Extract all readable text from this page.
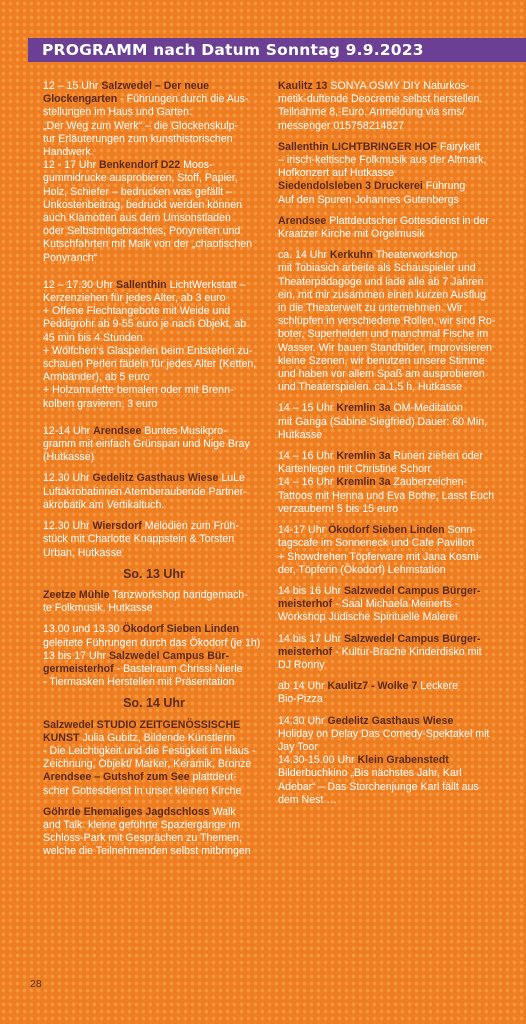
PROGRAMM nach Datum Sonntag 9.9.2023
12 – 15 Uhr Salzwedel – Der neue
Glockengarten - Führungen durch die Aus-
stellungen im Haus und Garten:
„Der Weg zum Werk“ – die Glockenskulp-
tur Erläuterungen zum kunsthistorischen
Handwerk.
12 - 17 Uhr Benkendorf D22 Moos-
gummidrucke ausprobieren, Stoff, Papier,
Holz, Schiefer – bedrucken was gefällt –
Unkostenbeitrag, bedruckt werden können
auch Klamotten aus dem Umsonstladen
oder Selbstmitgebrachtes, Ponyreiten und
Kutschfahrten mit Maik von der „chaotischen
Ponyranch“
12 – 17.30 Uhr Sallenthin LichtWerkstatt –
Kerzenziehen für jedes Alter, ab 3 euro
+ Offene Flechtangebote mit Weide und
Peddigrohr ab 9-55 euro je nach Objekt, ab
45 min bis 4 Stunden
+ Wölfchen‘s Glasperlen beim Entstehen zu-
schauen Perlen fädeln für jedes Alter (Ketten,
Armbänder), ab 5 euro
+ Holzamulette bemalen oder mit Brenn-
kolben gravieren, 3 euro
12-14 Uhr Arendsee Buntes Musikpro-
gramm mit einfach Grünspan und Nige Bray
(Hutkasse)
12.30 Uhr Gedelitz Gasthaus Wiese LuLe
Luftakrobatinnen Atemberaubende Partner-
akrobatik am Vertikaltuch.
12.30 Uhr Wiersdorf Melodien zum Früh-
stück mit Charlotte Knappstein & Torsten
Urban, Hutkasse
So. 13 Uhr
Zeetze Mühle Tanzworkshop handgemach-
te Folkmusik, Hutkasse
13.00 und 13.30 Ökodorf Sieben Linden
geleitete Führungen durch das Ökodorf (je 1h)
13 bis 17 Uhr Salzwedel Campus Bür-
germeisterhof - Bastelraum Chrissi Nierle
- Tiermasken Herstellen mit Präsentation
So. 14 Uhr
Salzwedel STUDIO ZEITGENÖSSISCHE
KUNST Julia Gubitz, Bildende Künstlerin
- Die Leichtigkeit und die Festigkeit im Haus -
Zeichnung, Objekt/ Marker, Keramik, Bronze
Arendsee – Gutshof zum See plattdeut-
scher Gottesdienst in unser kleinen Kirche
Göhrde Ehemaliges Jagdschloss Walk
and Talk: kleine geführte Spaziergänge im
Schloss-Park mit Gesprächen zu Themen,
welche die Teilnehmenden selbst mitbringen
Kaulitz 13 SONYA OSMY DIY Naturkos-
metik-duftende Deocreme selbst herstellen.
Teilnahme 8,-Euro. Anmeldung via sms/
messenger 015758214827
Sallenthin LICHTBRINGER HOF Fairykelt
– irisch-keltische Folkmusik aus der Altmark,
Hofkonzert auf Hutkasse
Siedendolsleben 3 Druckerei Führung
Auf den Spuren Johannes Gutenbergs
Arendsee Plattdeutscher Gottesdienst in der
Kraatzer Kirche mit Orgelmusik
ca. 14 Uhr Kerkuhn Theaterworkshop
mit Tobiasich arbeite als Schauspieler und
Theaterpädagoge und lade alle ab 7 Jahren
ein, mit mir zusammen einen kurzen Ausflug
in die Theaterwelt zu unternehmen. Wir
schlüpfen in verschiedene Rollen, wir sind Ro-
boter, Superhelden und manchmal Fische im
Wasser. Wir bauen Standbilder, improvisieren
kleine Szenen, wir benutzen unsere Stimme
und haben vor allem Spaß am ausprobieren
und Theaterspielen. ca.1,5 h, Hutkasse
14 – 15 Uhr Kremlin 3a OM-Meditation
mit Ganga (Sabine Siegfried) Dauer: 60 Min,
Hutkasse
14 – 16 Uhr Kremlin 3a Runen ziehen oder
Kartenlegen mit Christine Schorr
14 – 16 Uhr Kremlin 3a Zauberzeichen-
Tattoos mit Henna und Eva Bothe, Lasst Euch
verzaubern! 5 bis 15 euro
14-17 Uhr Ökodorf Sieben Linden Sonn-
tagscafe im Sonneneck und Cafe Pavillon
+ Showdrehen Töpferware mit Jana Kosmi-
der, Töpferin (Ökodorf) Lehmstation
14 bis 16 Uhr Salzwedel Campus Bürger-
meisterhof - Saal Michaela Meinerts -
Workshop Jüdische Spirituelle Malerei
14 bis 17 Uhr Salzwedel Campus Bürger-
meisterhof - Kultur-Brache Kinderdisko mit
DJ Ronny
ab 14 Uhr Kaulitz7 - Wolke 7 Leckere
Bio-Pizza
14.30 Uhr Gedelitz Gasthaus Wiese
Holiday on Delay Das Comedy-Spektakel mit
Jay Toor
14.30-15.00 Uhr Klein Grabenstedt
Bilderbuchkino „Bis nächstes Jahr, Karl
Adebar“ – Das Storchenjunge Karl fällt aus
dem Nest …
28
